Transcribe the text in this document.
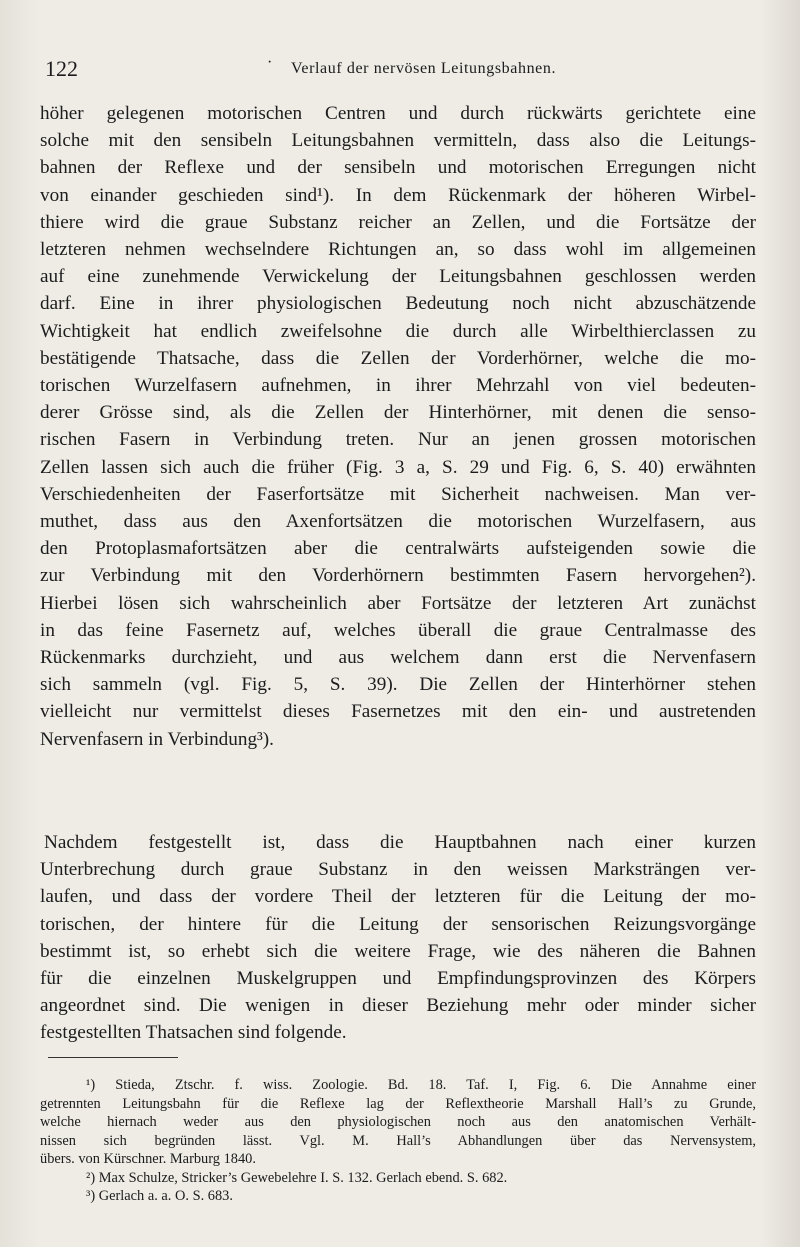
122	· Verlauf der nervösen Leitungsbahnen.
höher gelegenen motorischen Centren und durch rückwärts gerichtete eine
solche mit den sensibeln Leitungsbahnen vermitteln, dass also die Leitungs-
bahnen der Reflexe und der sensibeln und motorischen Erregungen nicht
von einander geschieden sind¹). In dem Rückenmark der höheren Wirbel-
thiere wird die graue Substanz reicher an Zellen, und die Fortsätze der
letzteren nehmen wechselndere Richtungen an, so dass wohl im allgemeinen
auf eine zunehmende Verwickelung der Leitungsbahnen geschlossen werden
darf. Eine in ihrer physiologischen Bedeutung noch nicht abzuschätzende
Wichtigkeit hat endlich zweifelsohne die durch alle Wirbelthierclassen zu
bestätigende Thatsache, dass die Zellen der Vorderhörner, welche die mo-
torischen Wurzelfasern aufnehmen, in ihrer Mehrzahl von viel bedeuten-
derer Grösse sind, als die Zellen der Hinterhörner, mit denen die senso-
rischen Fasern in Verbindung treten. Nur an jenen grossen motorischen
Zellen lassen sich auch die früher (Fig. 3 a, S. 29 und Fig. 6, S. 40) erwähnten
Verschiedenheiten der Faserfortsätze mit Sicherheit nachweisen. Man ver-
muthet, dass aus den Axenfortsätzen die motorischen Wurzelfasern, aus
den Protoplasmafortsätzen aber die centralwärts aufsteigenden sowie die
zur Verbindung mit den Vorderhörnern bestimmten Fasern hervorgehen²).
Hierbei lösen sich wahrscheinlich aber Fortsätze der letzteren Art zunächst
in das feine Fasernetz auf, welches überall die graue Centralmasse des
Rückenmarks durchzieht, und aus welchem dann erst die Nervenfasern
sich sammeln (vgl. Fig. 5, S. 39). Die Zellen der Hinterhörner stehen
vielleicht nur vermittelst dieses Fasernetzes mit den ein- und austretenden
Nervenfasern in Verbindung³).
Nachdem festgestellt ist, dass die Hauptbahnen nach einer kurzen
Unterbrechung durch graue Substanz in den weissen Marksträngen ver-
laufen, und dass der vordere Theil der letzteren für die Leitung der mo-
torischen, der hintere für die Leitung der sensorischen Reizungsvorgänge
bestimmt ist, so erhebt sich die weitere Frage, wie des näheren die Bahnen
für die einzelnen Muskelgruppen und Empfindungsprovinzen des Körpers
angeordnet sind. Die wenigen in dieser Beziehung mehr oder minder sicher
festgestellten Thatsachen sind folgende.
¹) Stieda, Ztschr. f. wiss. Zoologie. Bd. 18. Taf. I, Fig. 6. Die Annahme einer
getrennten Leitungsbahn für die Reflexe lag der Reflextheorie Marshall Hall’s zu Grunde,
welche hiernach weder aus den physiologischen noch aus den anatomischen Verhält-
nissen sich begründen lässt. Vgl. M. Hall’s Abhandlungen über das Nervensystem,
übers. von Kürschner. Marburg 1840.
²) Max Schulze, Stricker’s Gewebelehre I. S. 132. Gerlach ebend. S. 682.
³) Gerlach a. a. O. S. 683.
